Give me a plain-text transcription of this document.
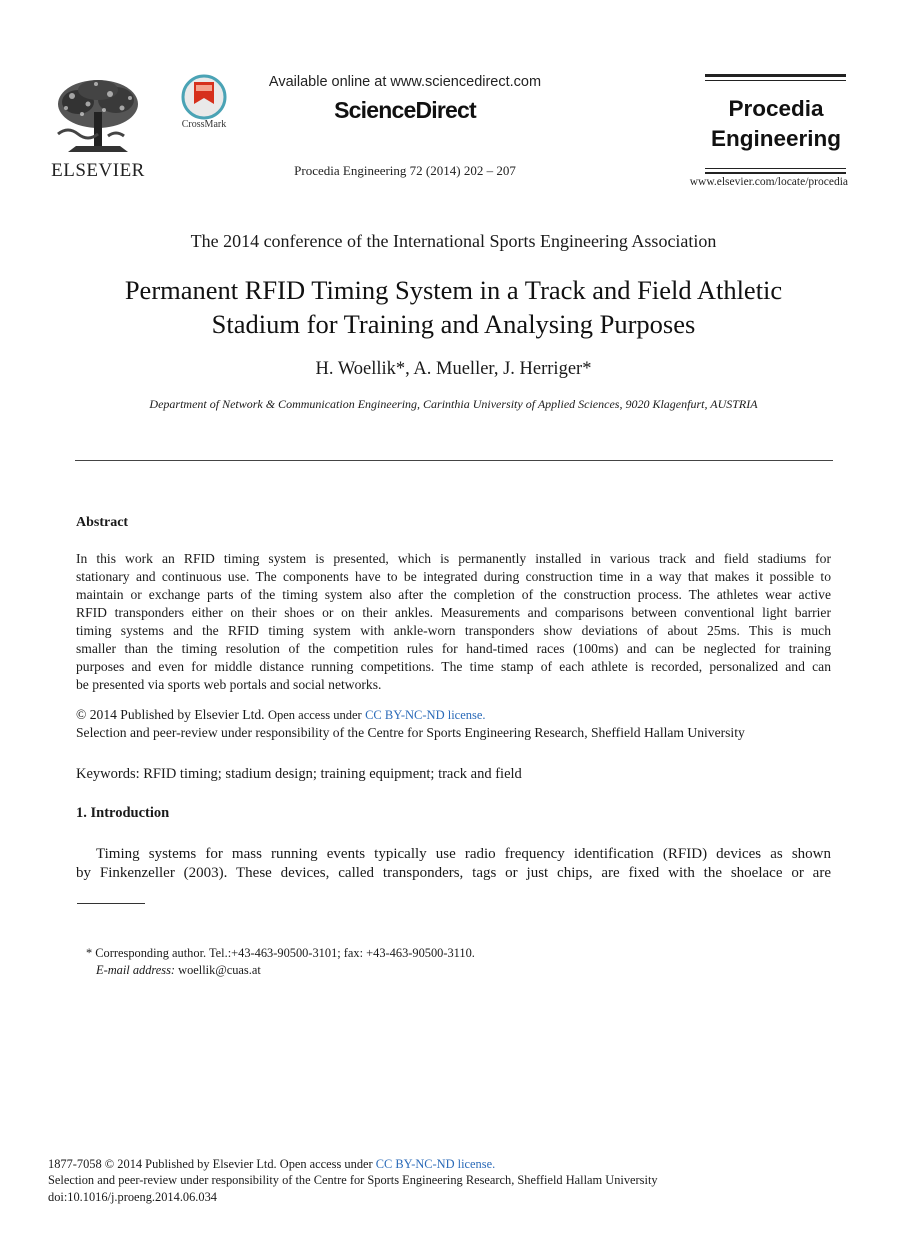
ELSEVIER
CrossMark
Available online at www.sciencedirect.com
ScienceDirect
Procedia Engineering 72 (2014) 202 – 207
Procedia
Engineering
www.elsevier.com/locate/procedia
The 2014 conference of the International Sports Engineering Association
Permanent RFID Timing System in a Track and Field Athletic
Stadium for Training and Analysing Purposes
H. Woellik*, A. Mueller, J. Herriger*
Department of Network & Communication Engineering, Carinthia University of Applied Sciences, 9020 Klagenfurt, AUSTRIA
Abstract

In this work an RFID timing system is presented, which is permanently installed in various track and field stadiums for

stationary and continuous use. The components have to be integrated during construction time in a way that makes it possible to

maintain or exchange parts of the timing system also after the completion of the construction process. The athletes wear active

RFID transponders either on their shoes or on their ankles. Measurements and comparisons between conventional light barrier

timing systems and the RFID timing system with ankle-worn transponders show deviations of about 25ms. This is much

smaller than the timing resolution of the competition rules for hand-timed races (100ms) and can be neglected for training

purposes and even for middle distance running competitions. The time stamp of each athlete is recorded, personalized and can

be presented via sports web portals and social networks.

© 2014 Published by Elsevier Ltd. Open access under CC BY-NC-ND license.
Selection and peer-review under responsibility of the Centre for Sports Engineering Research, Sheffield Hallam University
Keywords: RFID timing; stadium design; training equipment; track and field
1. Introduction

Timing systems for mass running events typically use radio frequency identification (RFID) devices as shown

by Finkenzeller (2003). These devices, called transponders, tags or just chips, are fixed with the shoelace or are

* Corresponding author. Tel.:+43-463-90500-3101; fax: +43-463-90500-3110.
E-mail address: woellik@cuas.at
1877-7058 © 2014 Published by Elsevier Ltd. Open access under CC BY-NC-ND license.
Selection and peer-review under responsibility of the Centre for Sports Engineering Research, Sheffield Hallam University
doi:10.1016/j.proeng.2014.06.034
